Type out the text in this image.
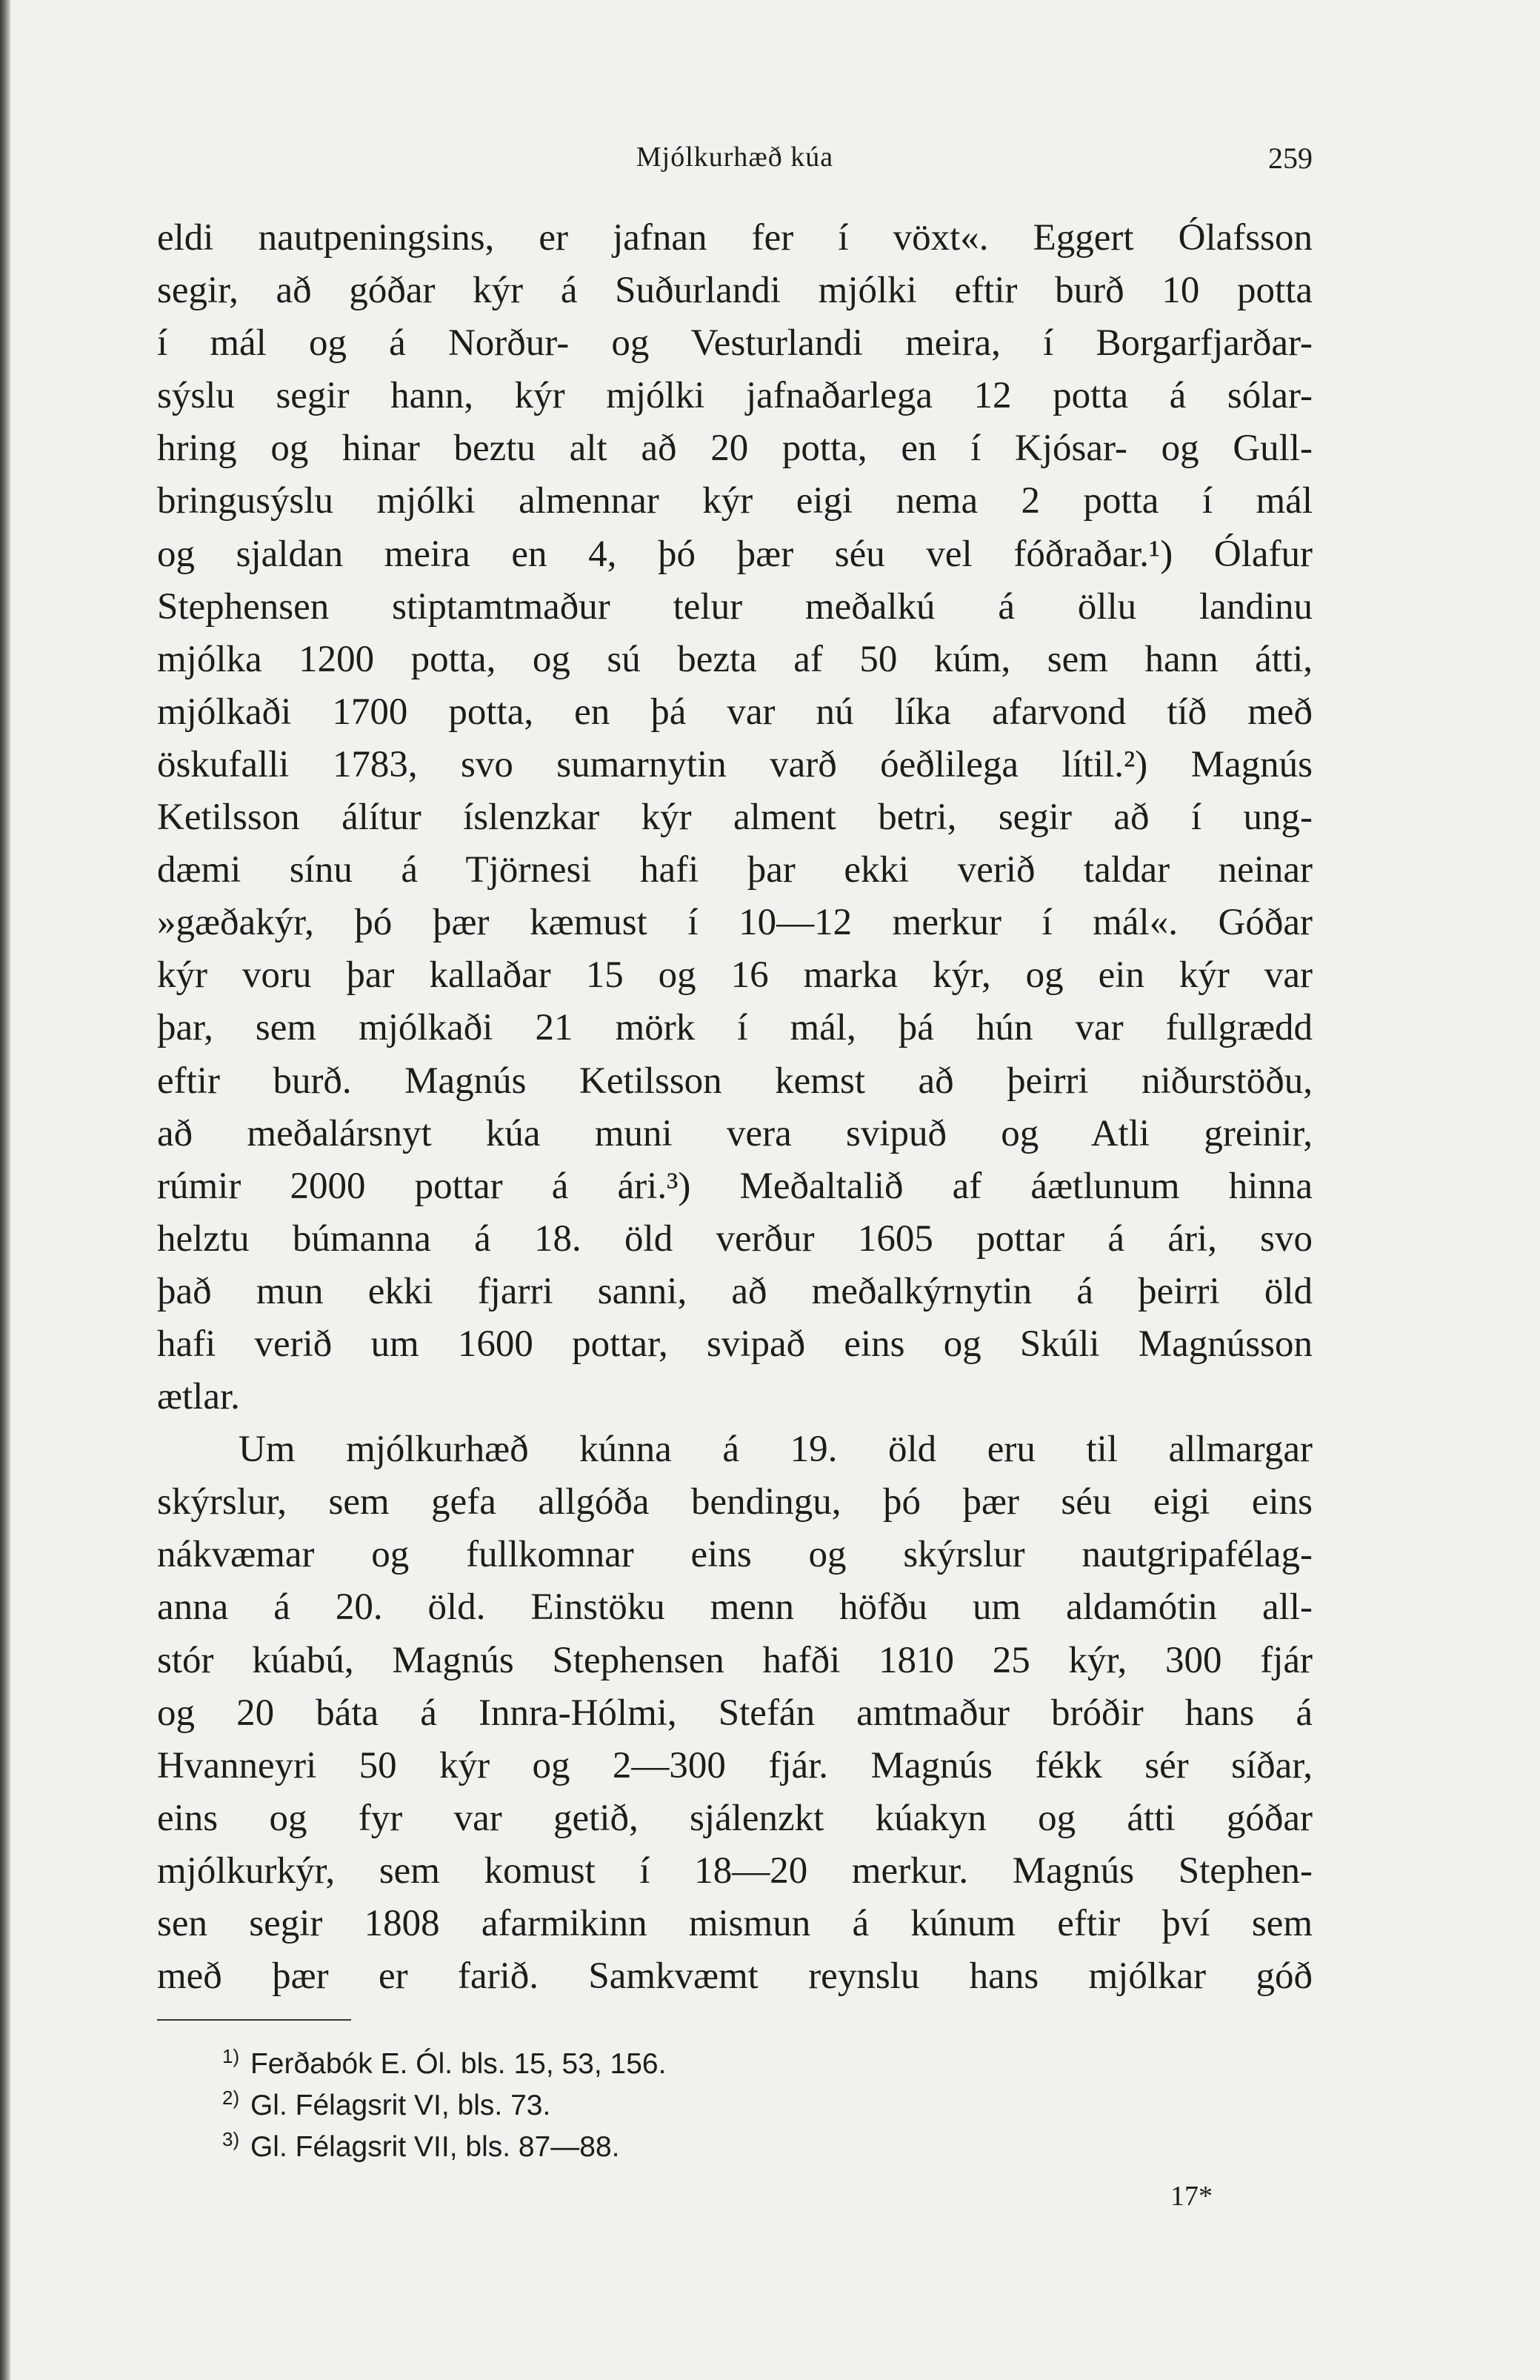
Mjólkurhæð kúa	259
eldi nautpeningsins, er jafnan fer í vöxt«. Eggert Ólafsson
segir, að góðar kýr á Suðurlandi mjólki eftir burð 10 potta
í mál og á Norður- og Vesturlandi meira, í Borgarfjarðar-
sýslu segir hann, kýr mjólki jafnaðarlega 12 potta á sólar-
hring og hinar beztu alt að 20 potta, en í Kjósar- og Gull-
bringusýslu mjólki almennar kýr eigi nema 2 potta í mál
og sjaldan meira en 4, þó þær séu vel fóðraðar.¹) Ólafur
Stephensen stiptamtmaður telur meðalkú á öllu landinu
mjólka 1200 potta, og sú bezta af 50 kúm, sem hann átti,
mjólkaði 1700 potta, en þá var nú líka afarvond tíð með
öskufalli 1783, svo sumarnytin varð óeðlilega lítil.²) Magnús
Ketilsson álítur íslenzkar kýr alment betri, segir að í ung-
dæmi sínu á Tjörnesi hafi þar ekki verið taldar neinar
»gæðakýr, þó þær kæmust í 10—12 merkur í mál«. Góðar
kýr voru þar kallaðar 15 og 16 marka kýr, og ein kýr var
þar, sem mjólkaði 21 mörk í mál, þá hún var fullgrædd
eftir burð. Magnús Ketilsson kemst að þeirri niðurstöðu,
að meðalársnyt kúa muni vera svipuð og Atli greinir,
rúmir 2000 pottar á ári.³) Meðaltalið af áætlunum hinna
helztu búmanna á 18. öld verður 1605 pottar á ári, svo
það mun ekki fjarri sanni, að meðalkýrnytin á þeirri öld
hafi verið um 1600 pottar, svipað eins og Skúli Magnússon
ætlar.
Um mjólkurhæð kúnna á 19. öld eru til allmargar
skýrslur, sem gefa allgóða bendingu, þó þær séu eigi eins
nákvæmar og fullkomnar eins og skýrslur nautgripafélag-
anna á 20. öld. Einstöku menn höfðu um aldamótin all-
stór kúabú, Magnús Stephensen hafði 1810 25 kýr, 300 fjár
og 20 báta á Innra-Hólmi, Stefán amtmaður bróðir hans á
Hvanneyri 50 kýr og 2—300 fjár. Magnús fékk sér síðar,
eins og fyr var getið, sjálenzkt kúakyn og átti góðar
mjólkurkýr, sem komust í 18—20 merkur. Magnús Stephen-
sen segir 1808 afarmikinn mismun á kúnum eftir því sem
með þær er farið. Samkvæmt reynslu hans mjólkar góð
$^{1)}$ Ferðabók E. Ól. bls. 15, 53, 156.
$^{2)}$ Gl. Félagsrit VI, bls. 73.
$^{3)}$ Gl. Félagsrit VII, bls. 87—88.
17*
